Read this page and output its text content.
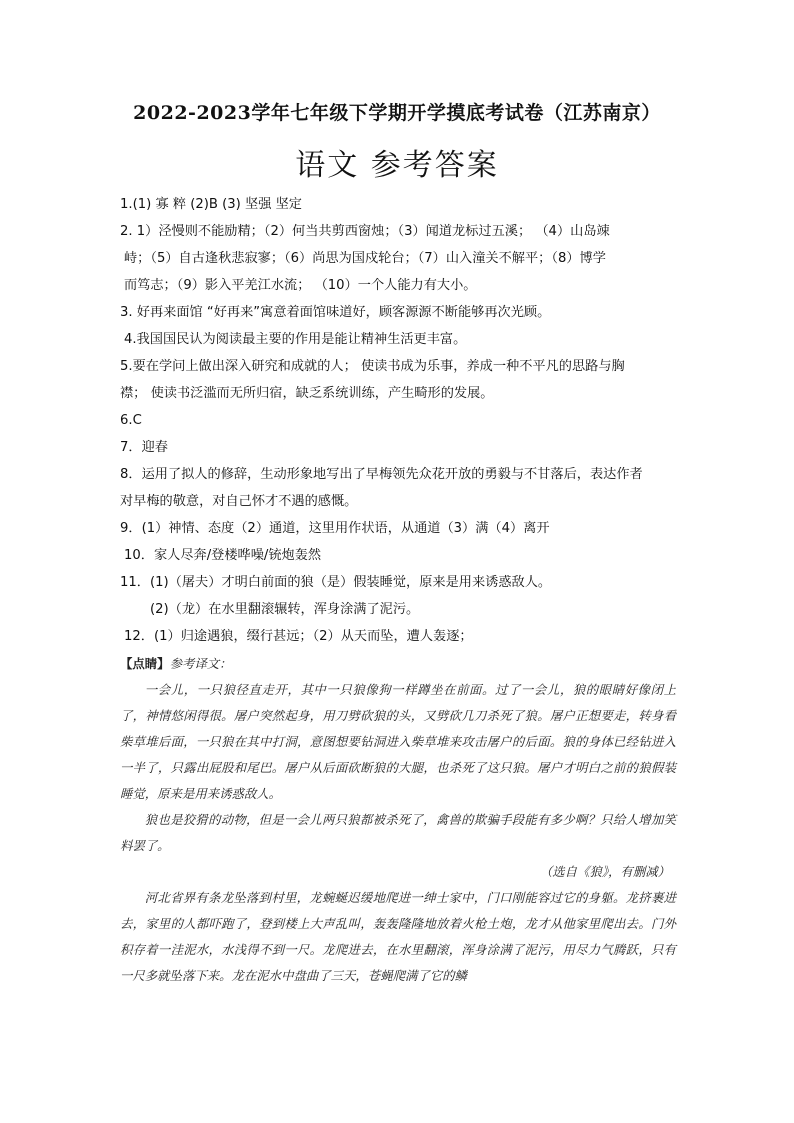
2022-2023学年七年级下学期开学摸底考试卷（江苏南京）
语文 参考答案

1.(1) 寡 粹 (2)B (3) 坚强 坚定

2. 1）泾慢则不能励精；（2）何当共剪西窗烛；（3）闻道龙标过五溪； （4）山岛竦

峙；（5）自古逢秋悲寂寥；（6）尚思为国戍轮台；（7）山入潼关不解平；（8）博学

而笃志；（9）影入平羌江水流； （10）一个人能力有大小。

3. 好再来面馆 “好再来”寓意着面馆味道好，顾客源源不断能够再次光顾。

4.我国国民认为阅读最主要的作用是能让精神生活更丰富。

5.要在学问上做出深入研究和成就的人； 使读书成为乐事，养成一种不平凡的思路与胸

襟； 使读书泛滥而无所归宿，缺乏系统训练，产生畸形的发展。

6.C

7．迎春

8．运用了拟人的修辞，生动形象地写出了早梅领先众花开放的勇毅与不甘落后，表达作者

对早梅的敬意，对自己怀才不遇的感慨。

9．(1）神情、态度（2）通道，这里用作状语，从通道（3）满（4）离开

10．家人尽奔/登楼哗噪/铳炮轰然

11．(1)（屠夫）才明白前面的狼（是）假装睡觉，原来是用来诱惑敌人。

(2)（龙）在水里翻滚辗转，浑身涂满了泥污。

12．(1）归途遇狼，缀行甚远；（2）从天而坠，遭人轰逐；

【点睛】参考译文：

一会儿，一只狼径直走开，其中一只狼像狗一样蹲坐在前面。过了一会儿，狼的眼睛好像闭上了，神情悠闲得很。屠户突然起身，用刀劈砍狼的头，又劈砍几刀杀死了狼。屠户正想要走，转身看柴草堆后面，一只狼在其中打洞，意图想要钻洞进入柴草堆来攻击屠户的后面。狼的身体已经钻进入一半了，只露出屁股和尾巴。屠户从后面砍断狼的大腿，也杀死了这只狼。屠户才明白之前的狼假装睡觉，原来是用来诱惑敌人。

狼也是狡猾的动物，但是一会儿两只狼都被杀死了，禽兽的欺骗手段能有多少啊？只给人增加笑料罢了。

（选自《狼》，有删减）

河北省界有条龙坠落到村里，龙蜿蜒迟缓地爬进一绅士家中，门口刚能容过它的身躯。龙挤裹进去，家里的人都吓跑了，登到楼上大声乱叫，轰轰隆隆地放着火枪土炮，龙才从他家里爬出去。门外积存着一洼泥水，水浅得不到一尺。龙爬进去，在水里翻滚，浑身涂满了泥污，用尽力气腾跃，只有一尺多就坠落下来。龙在泥水中盘曲了三天，苍蝇爬满了它的鳞
